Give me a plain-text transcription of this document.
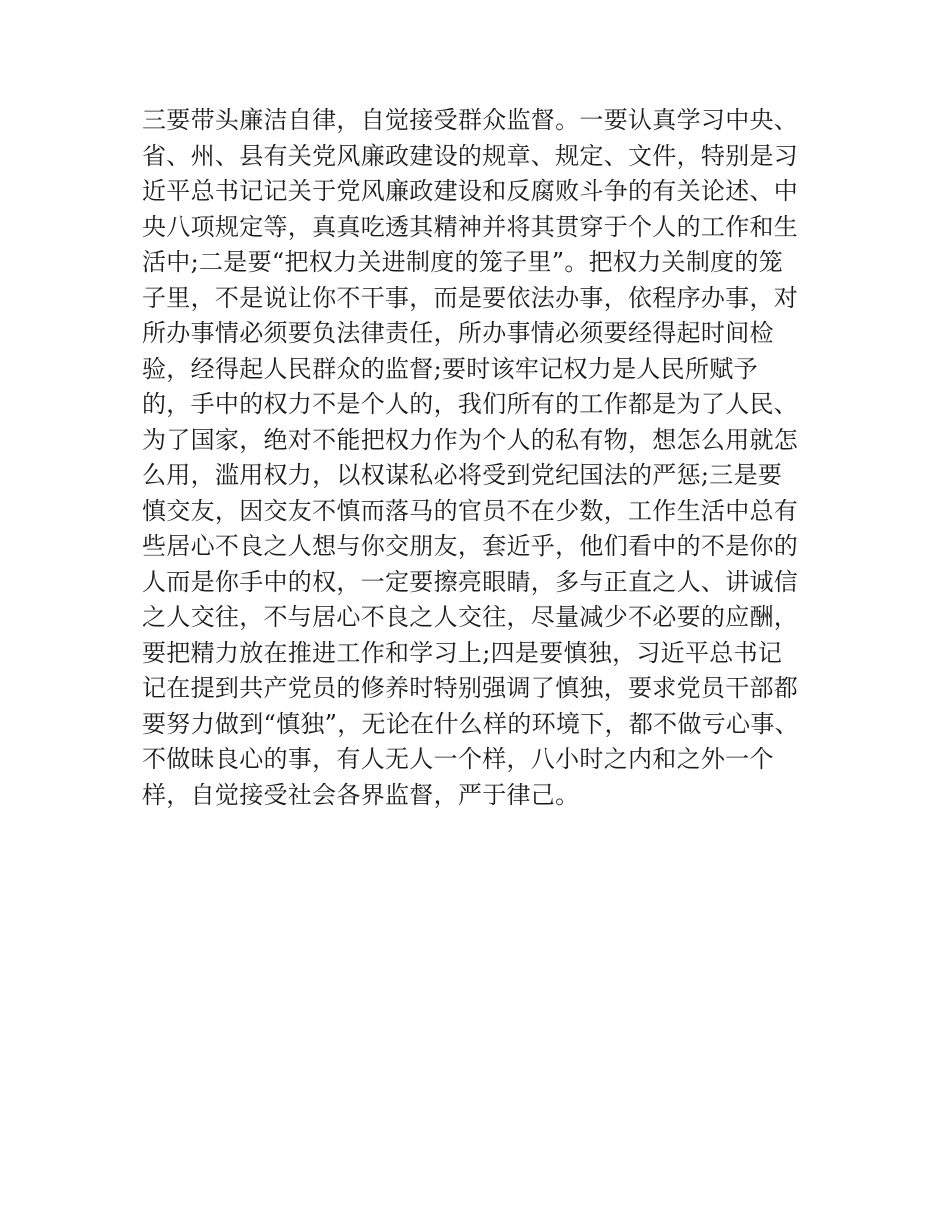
三要带头廉洁自律，自觉接受群众监督。一要认真学习中央、
省、州、县有关党风廉政建设的规章、规定、文件，特别是习
近平总书记记关于党风廉政建设和反腐败斗争的有关论述、中
央八项规定等，真真吃透其精神并将其贯穿于个人的工作和生
活中;二是要“把权力关进制度的笼子里”。把权力关制度的笼
子里，不是说让你不干事，而是要依法办事，依程序办事，对
所办事情必须要负法律责任，所办事情必须要经得起时间检
验，经得起人民群众的监督;要时该牢记权力是人民所赋予
的，手中的权力不是个人的，我们所有的工作都是为了人民、
为了国家，绝对不能把权力作为个人的私有物，想怎么用就怎
么用，滥用权力，以权谋私必将受到党纪国法的严惩;三是要
慎交友，因交友不慎而落马的官员不在少数，工作生活中总有
些居心不良之人想与你交朋友，套近乎，他们看中的不是你的
人而是你手中的权，一定要擦亮眼睛，多与正直之人、讲诚信
之人交往，不与居心不良之人交往，尽量减少不必要的应酬，
要把精力放在推进工作和学习上;四是要慎独，习近平总书记
记在提到共产党员的修养时特别强调了慎独，要求党员干部都
要努力做到“慎独”，无论在什么样的环境下，都不做亏心事、
不做昧良心的事，有人无人一个样，八小时之内和之外一个
样，自觉接受社会各界监督，严于律己。
